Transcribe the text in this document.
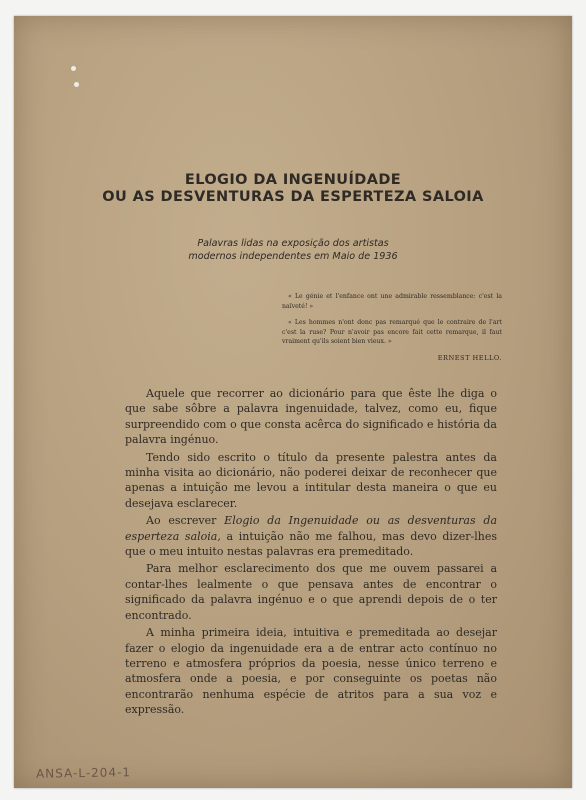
ELOGIO DA INGENUÍDADE
OU AS DESVENTURAS DA ESPERTEZA SALOIA
Palavras lidas na exposição dos artistas
modernos independentes em Maio de 1936

« Le génie et l'enfance ont une admirable ressemblance: c'est la naïveté! »

« Les hommes n'ont donc pas remarqué que le contraire de l'art c'est la ruse? Pour n'avoir pas encore fait cette remarque, il faut vraiment qu'ils soient bien vieux. »

ERNEST HELLO.

Aquele que recorrer ao dicionário para que êste lhe diga o que sabe sôbre a palavra ingenuidade, talvez, como eu, fique surpreendido com o que consta acêrca do significado e história da palavra ingénuo.

Tendo sido escrito o título da presente palestra antes da minha visita ao dicionário, não poderei deixar de reconhecer que apenas a intuição me levou a intitular desta maneira o que eu desejava esclarecer.

Ao escrever Elogio da Ingenuidade ou as desventuras da esperteza saloia, a intuição não me falhou, mas devo dizer-lhes que o meu intuito nestas palavras era premeditado.

Para melhor esclarecimento dos que me ouvem passarei a contar-lhes lealmente o que pensava antes de encontrar o significado da palavra ingénuo e o que aprendi depois de o ter encontrado.

A minha primeira ideia, intuitiva e premeditada ao desejar fazer o elogio da ingenuidade era a de entrar acto contínuo no terreno e atmosfera próprios da poesia, nesse único terreno e atmosfera onde a poesia, e por conseguinte os poetas não encontrarão nenhuma espécie de atritos para a sua voz e expressão.

ANSA-L-204-1
